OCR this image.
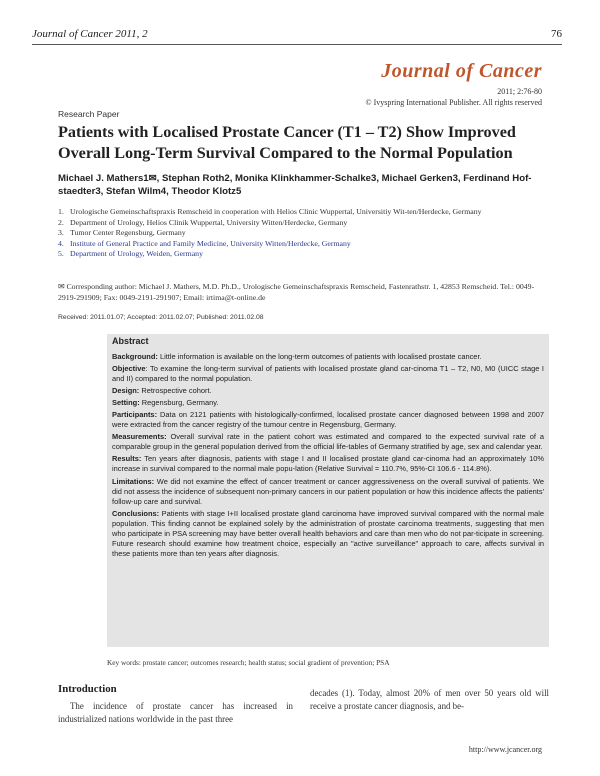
Journal of Cancer 2011, 2	76
Journal of Cancer
2011; 2:76-80
© Ivyspring International Publisher. All rights reserved
Research Paper
Patients with Localised Prostate Cancer (T1 – T2) Show Improved Overall Long-Term Survival Compared to the Normal Population
Michael J. Mathers1✉, Stephan Roth2, Monika Klinkhammer-Schalke3, Michael Gerken3, Ferdinand Hof-staedter3, Stefan Wilm4, Theodor Klotz5
1. Urologische Gemeinschaftspraxis Remscheid in cooperation with Helios Clinic Wuppertal, Universitiy Wit-ten/Herdecke, Germany
2. Department of Urology, Helios Clinik Wuppertal, University Witten/Herdecke, Germany
3. Tumor Center Regensburg, Germany
4. Institute of General Practice and Family Medicine, University Witten/Herdecke, Germany
5. Department of Urology, Weiden, Germany
✉ Corresponding author: Michael J. Mathers, M.D. Ph.D., Urologische Gemeinschaftspraxis Remscheid, Fastenrathstr. 1, 42853 Remscheid. Tel.: 0049-2919-291909; Fax: 0049-2191-291907; Email: irtima@t-online.de
Received: 2011.01.07; Accepted: 2011.02.07; Published: 2011.02.08
Abstract

Background: Little information is available on the long-term outcomes of patients with localised prostate cancer.

Objective: To examine the long-term survival of patients with localised prostate gland car-cinoma T1 – T2, N0, M0 (UICC stage I and II) compared to the normal population.

Design: Retrospective cohort.

Setting: Regensburg, Germany.

Participants: Data on 2121 patients with histologically-confirmed, localised prostate cancer diagnosed between 1998 and 2007 were extracted from the cancer registry of the tumour centre in Regensburg, Germany.

Measurements: Overall survival rate in the patient cohort was estimated and compared to the expected survival rate of a comparable group in the general population derived from the official life-tables of Germany stratified by age, sex and calendar year.

Results: Ten years after diagnosis, patients with stage I and II localised prostate gland car-cinoma had an approximately 10% increase in survival compared to the normal male popu-lation (Relative Survival = 110.7%, 95%-CI 106.6 - 114.8%).

Limitations: We did not examine the effect of cancer treatment or cancer aggressiveness on the overall survival of patients. We did not assess the incidence of subsequent non-primary cancers in our patient population or how this incidence affects the patients' follow-up care and survival.

Conclusions: Patients with stage I+II localised prostate gland carcinoma have improved survival compared with the normal male population. This finding cannot be explained solely by the administration of prostate carcinoma treatments, suggesting that men who participate in PSA screening may have better overall health behaviors and care than men who do not par-ticipate in screening. Future research should examine how treatment choice, especially an "active surveillance" approach to care, affects survival in these patients more than ten years after diagnosis.

Key words: prostate cancer; outcomes research; health status; social gradient of prevention; PSA
Introduction
The incidence of prostate cancer has increased in industrialized nations worldwide in the past three
decades (1). Today, almost 20% of men over 50 years old will receive a prostate cancer diagnosis, and be-
http://www.jcancer.org
